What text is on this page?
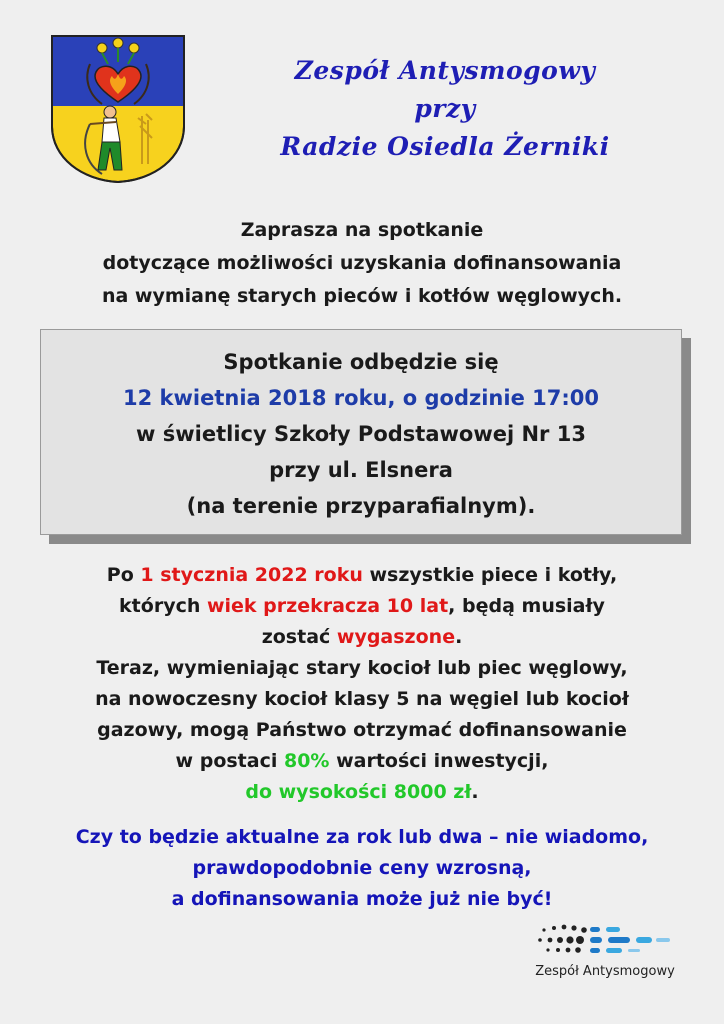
Zespół Antysmogowy
przy
Radzie Osiedla Żerniki
Zaprasza na spotkanie
dotyczące możliwości uzyskania dofinansowania
na wymianę starych pieców i kotłów węglowych.
Spotkanie odbędzie się
12 kwietnia 2018 roku, o godzinie 17:00
w świetlicy Szkoły Podstawowej Nr 13
przy ul. Elsnera
(na terenie przyparafialnym).
Po 1 stycznia 2022 roku wszystkie piece i kotły,
których wiek przekracza 10 lat, będą musiały
zostać wygaszone.
Teraz, wymieniając stary kocioł lub piec węglowy,
na nowoczesny kocioł klasy 5 na węgiel lub kocioł
gazowy, mogą Państwo otrzymać dofinansowanie
w postaci 80% wartości inwestycji,
do wysokości 8000 zł.
Czy to będzie aktualne za rok lub dwa – nie wiadomo,
prawdopodobnie ceny wzrosną,
a dofinansowania może już nie być!
Zespół Antysmogowy
